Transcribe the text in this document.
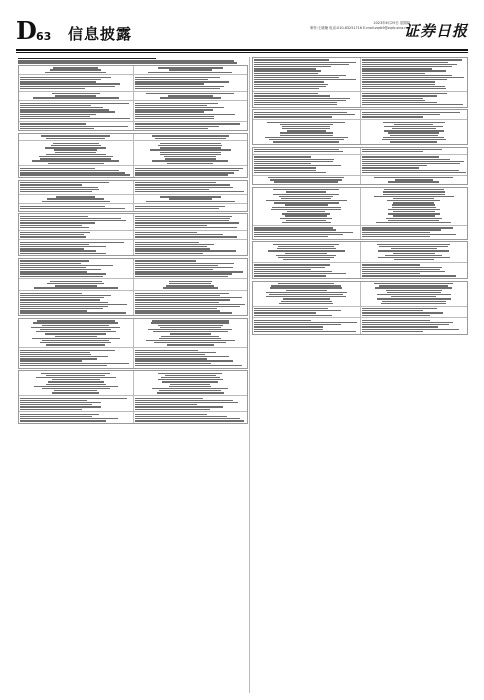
D 63 信息披露
2023年6月29日 星期四
制作:王晓楠 电话:010-83251716 E-mail:zqrb9@zqrb.sina.net
证券日报
